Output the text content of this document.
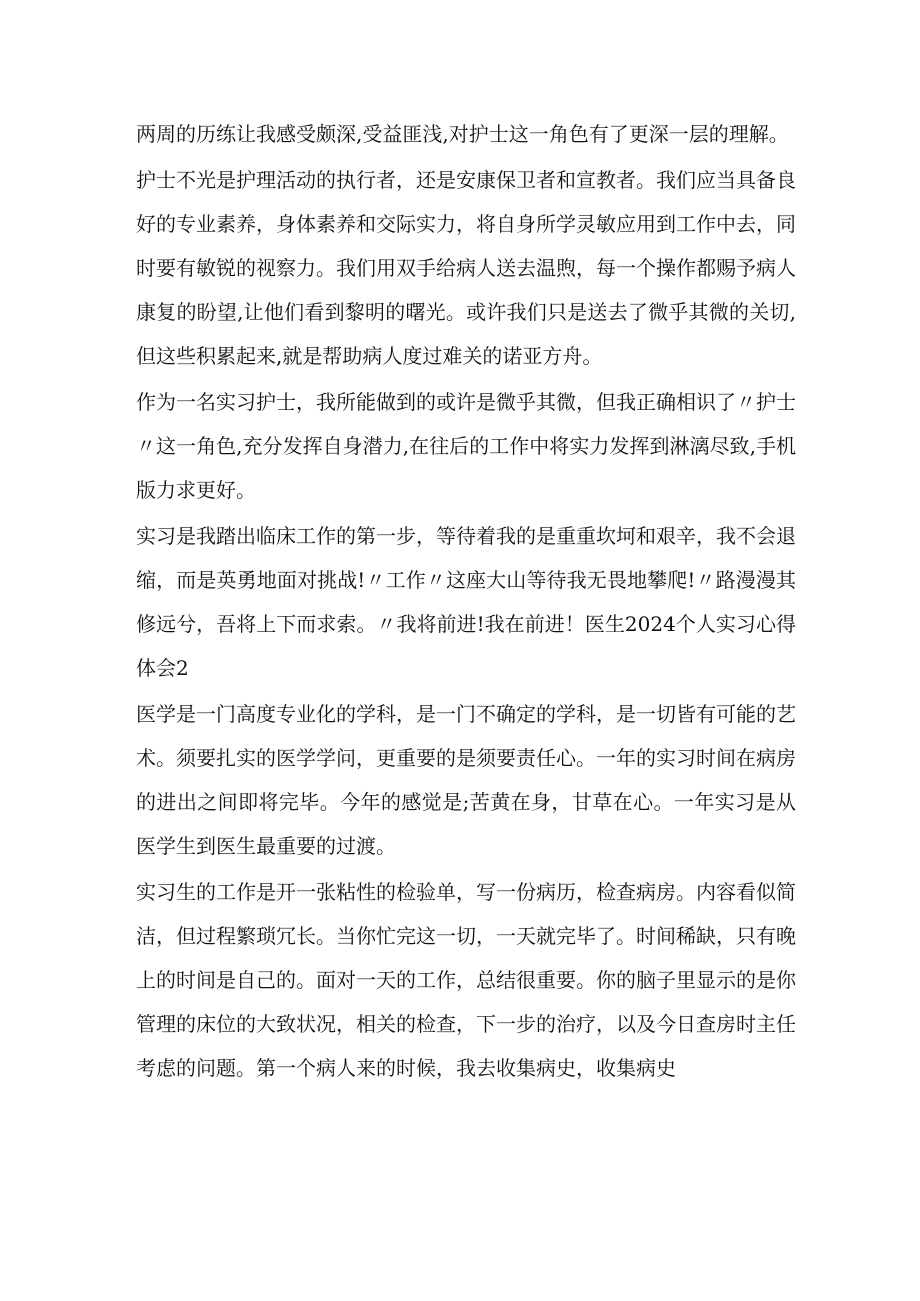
两周的历练让我感受颇深,受益匪浅,对护士这一角色有了更深一层的理解。

护士不光是护理活动的执行者，还是安康保卫者和宣教者。我们应当具备良好的专业素养，身体素养和交际实力，将自身所学灵敏应用到工作中去，同时要有敏锐的视察力。我们用双手给病人送去温煦，每一个操作都赐予病人康复的盼望,让他们看到黎明的曙光。或许我们只是送去了微乎其微的关切,但这些积累起来,就是帮助病人度过难关的诺亚方舟。

作为一名实习护士，我所能做到的或许是微乎其微，但我正确相识了〃护士〃这一角色,充分发挥自身潜力,在往后的工作中将实力发挥到淋漓尽致,手机版力求更好。

实习是我踏出临床工作的第一步，等待着我的是重重坎坷和艰辛，我不会退缩，而是英勇地面对挑战!〃工作〃这座大山等待我无畏地攀爬!〃路漫漫其修远兮，吾将上下而求索。〃我将前进!我在前进！医生2024个人实习心得体会2

医学是一门高度专业化的学科，是一门不确定的学科，是一切皆有可能的艺术。须要扎实的医学学问，更重要的是须要责任心。一年的实习时间在病房的进出之间即将完毕。今年的感觉是;苦黄在身，甘草在心。一年实习是从医学生到医生最重要的过渡。

实习生的工作是开一张粘性的检验单，写一份病历，检查病房。内容看似简洁，但过程繁琐冗长。当你忙完这一切，一天就完毕了。时间稀缺，只有晚上的时间是自己的。面对一天的工作，总结很重要。你的脑子里显示的是你管理的床位的大致状况，相关的检查，下一步的治疗，以及今日查房时主任考虑的问题。第一个病人来的时候，我去收集病史，收集病史
